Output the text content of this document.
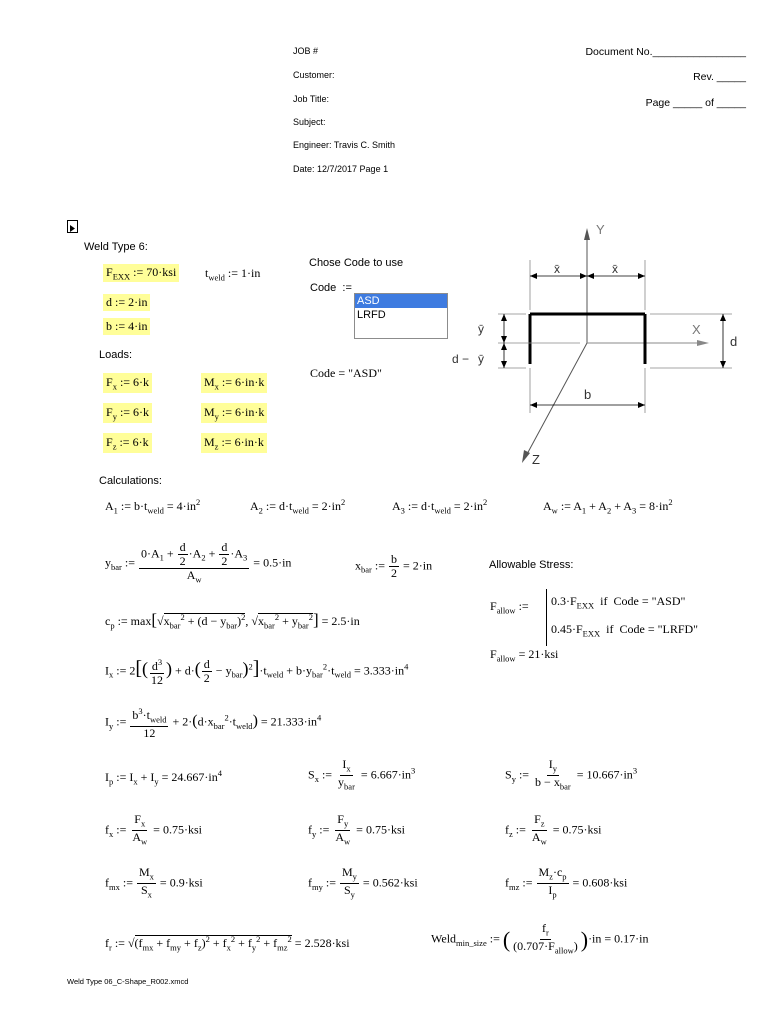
JOB #
Customer:
Job Title:
Subject:
Engineer: Travis C. Smith
Date: 12/7/2017 Page 1
Document No.________________
Rev. _____
Page _____ of _____
Weld Type 6:
$F_{EXX}$ := 70·ksi $t_{weld}$ := 1·in
d := 2·in
b := 4·in
Chose Code to use
Code  :=
ASD
LRFD
Code = "ASD"
Loads:
$F_x$ := 6·k
$F_y$ := 6·k
$F_z$ := 6·k
$M_x$ := 6·in·k
$M_y$ := 6·in·k
$M_z$ := 6·in·k
Y
X
Z
d
b
x̄	x̄
ȳ
d − ȳ
Calculations:
$A_1$ := $b\cdot t_{weld} = 4\cdot in^2$	$A_2$ := $d\cdot t_{weld} = 2\cdot in^2$	$A_3$ := $d\cdot t_{weld} = 2\cdot in^2$	$A_w$ := $A_1 + A_2 + A_3 = 8\cdot in^2$
$y_{bar}$ := $\frac{0\cdot A_1 + \frac{d}{2} \cdot A_2 + \frac{d}{2} \cdot A_3}{A_w} = 0.5\cdot in$	$x_{bar}$ := $\frac{b}{2} = 2\cdot in$	Allowable Stress:
$F_{allow}$ := $0.3\cdot F_{EXX}$  if  Code = "ASD"
$0.45\cdot F_{EXX}$  if  Code = "LRFD"
$F_{allow} = 21\cdot ksi$
$c_p$ := $\max[√x_{bar}^2 + (d - y_{bar})^2$, $√x_{bar}^2 + y_{bar}^2] = 2.5\cdot in$
$I_x$ := $2[( \frac{d^3}{12}$ ) + $d\cdot( \frac{d}{2} - y_{bar})^2]\cdot t_{weld} + b\cdot y_{bar}^2\cdot t_{weld} = 3.333\cdot in^4$
$I_y$ := $\frac{b^3\cdot t_{weld}}{12} + 2\cdot(d\cdot x_{bar}^2\cdot t_{weld}) = 21.333\cdot in^4$
$I_p$ := $I_x + I_y = 24.667\cdot in^4$	$S_x$ := $\frac{I_x}{y_{bar}} = 6.667\cdot in^3$	$S_y$ := $\frac{I_y}{b - x_{bar}} = 10.667\cdot in^3$
$f_x$ := $\frac{F_x}{A_w} = 0.75\cdot ksi$	$f_y$ := $\frac{F_y}{A_w} = 0.75\cdot ksi$	$f_z$ := $\frac{F_z}{A_w} = 0.75\cdot ksi$
$f_{mx}$ := $\frac{M_x}{S_x} = 0.9\cdot ksi$	$f_{my}$ := $\frac{M_y}{S_y} = 0.562\cdot ksi$	$f_{mz}$ := $\frac{M_z\cdot c_p}{I_p} = 0.608\cdot ksi$
$f_r$ := $√(f_{mx} + f_{my} + f_z)^2 + f_x^2 + f_y^2 + f_{mz}^2 = 2.528\cdot ksi$	Weld$_{min\_size}$ := ( $\frac{f_r}{(0.707\cdot F_{allow})} )\cdot in = 0.17\cdot in$
Weld Type 06_C-Shape_R002.xmcd
